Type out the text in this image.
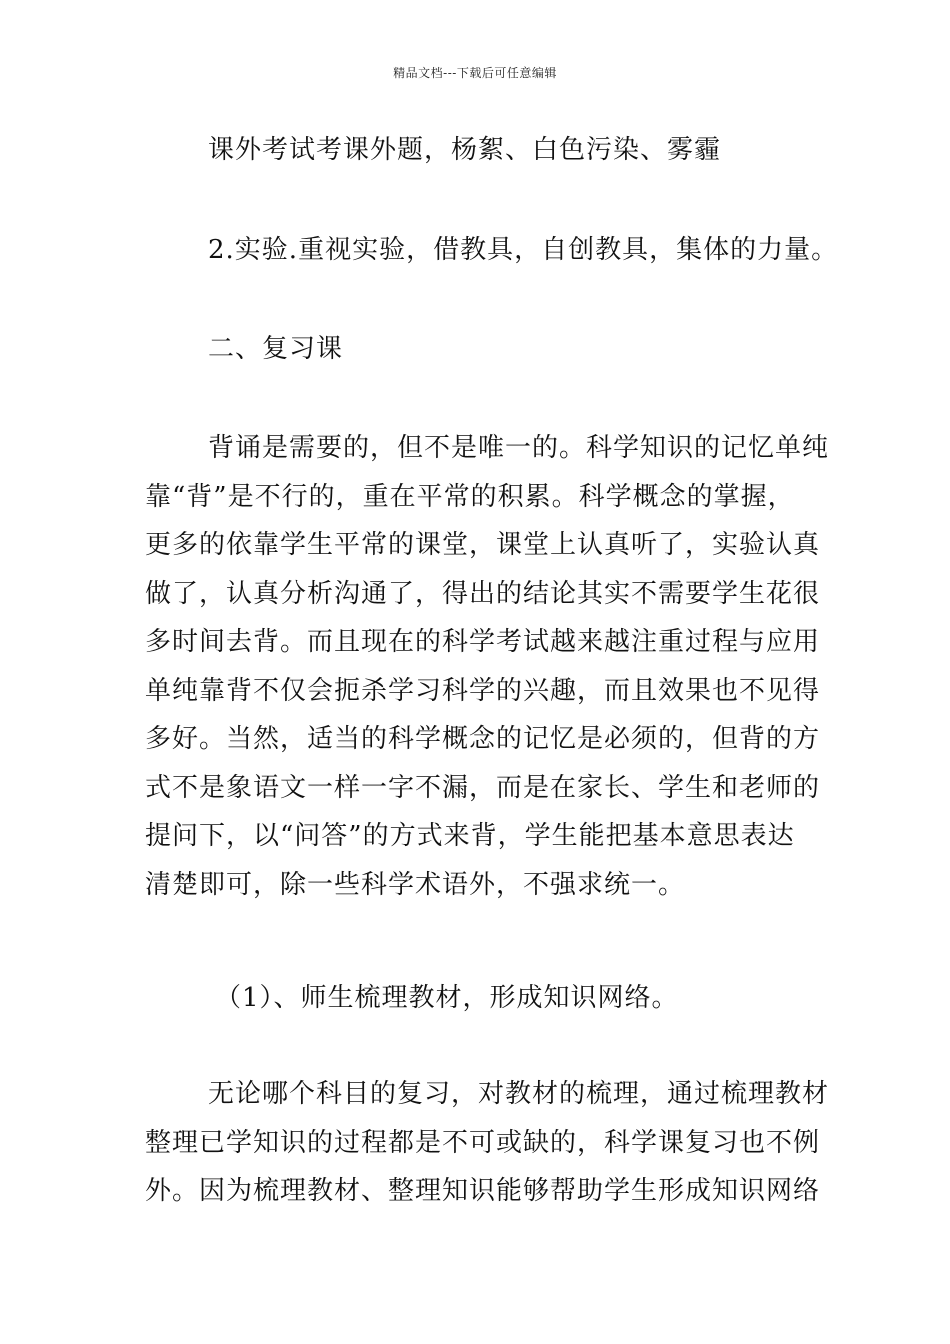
精品文档---下载后可任意编辑
课外考试考课外题，杨絮、白色污染、雾霾
2.实验.重视实验，借教具，自创教具，集体的力量。
二、复习课
背诵是需要的，但不是唯一的。科学知识的记忆单纯
靠“背”是不行的，重在平常的积累。科学概念的掌握，
更多的依靠学生平常的课堂，课堂上认真听了，实验认真
做了，认真分析沟通了，得出的结论其实不需要学生花很
多时间去背。而且现在的科学考试越来越注重过程与应用
单纯靠背不仅会扼杀学习科学的兴趣，而且效果也不见得
多好。当然，适当的科学概念的记忆是必须的，但背的方
式不是象语文一样一字不漏，而是在家长、学生和老师的
提问下，以“问答”的方式来背，学生能把基本意思表达
清楚即可，除一些科学术语外，不强求统一。
（1）、师生梳理教材，形成知识网络。
无论哪个科目的复习，对教材的梳理，通过梳理教材
整理已学知识的过程都是不可或缺的，科学课复习也不例
外。因为梳理教材、整理知识能够帮助学生形成知识网络
